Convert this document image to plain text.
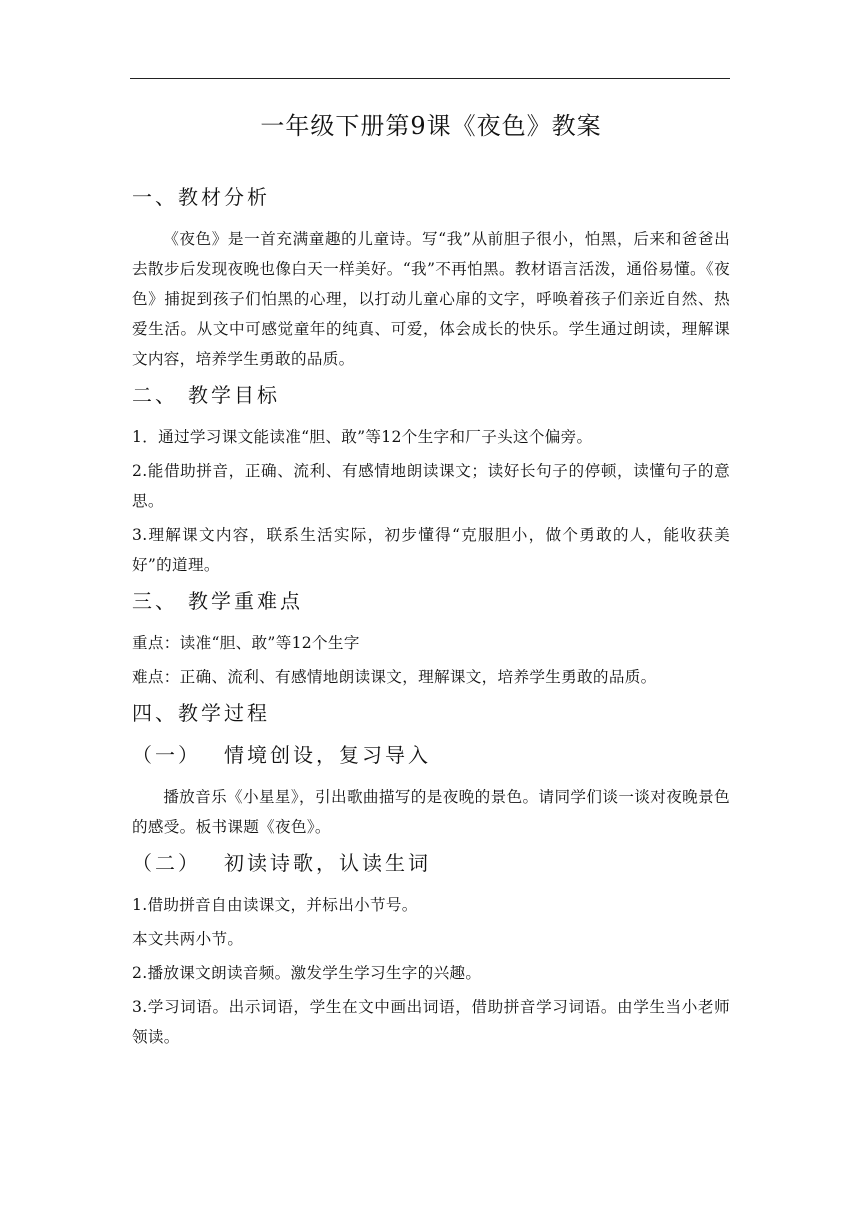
一年级下册第9课《夜色》教案
一、教材分析

《夜色》是一首充满童趣的儿童诗。写“我”从前胆子很小，怕黑，后来和爸爸出去散步后发现夜晚也像白天一样美好。“我”不再怕黑。教材语言活泼，通俗易懂。《夜色》捕捉到孩子们怕黑的心理，以打动儿童心扉的文字，呼唤着孩子们亲近自然、热爱生活。从文中可感觉童年的纯真、可爱，体会成长的快乐。学生通过朗读，理解课文内容，培养学生勇敢的品质。

二、 教学目标

1．通过学习课文能读准“胆、敢”等12个生字和厂子头这个偏旁。

2.能借助拼音，正确、流利、有感情地朗读课文；读好长句子的停顿，读懂句子的意思。

3.理解课文内容，联系生活实际，初步懂得“克服胆小，做个勇敢的人，能收获美好”的道理。

三、 教学重难点

重点：读准“胆、敢”等12个生字

难点：正确、流利、有感情地朗读课文，理解课文，培养学生勇敢的品质。

四、教学过程
（一） 情境创设，复习导入

播放音乐《小星星》，引出歌曲描写的是夜晚的景色。请同学们谈一谈对夜晚景色的感受。板书课题《夜色》。

（二） 初读诗歌，认读生词

1.借助拼音自由读课文，并标出小节号。

本文共两小节。

2.播放课文朗读音频。激发学生学习生字的兴趣。

3.学习词语。出示词语，学生在文中画出词语，借助拼音学习词语。由学生当小老师领读。
